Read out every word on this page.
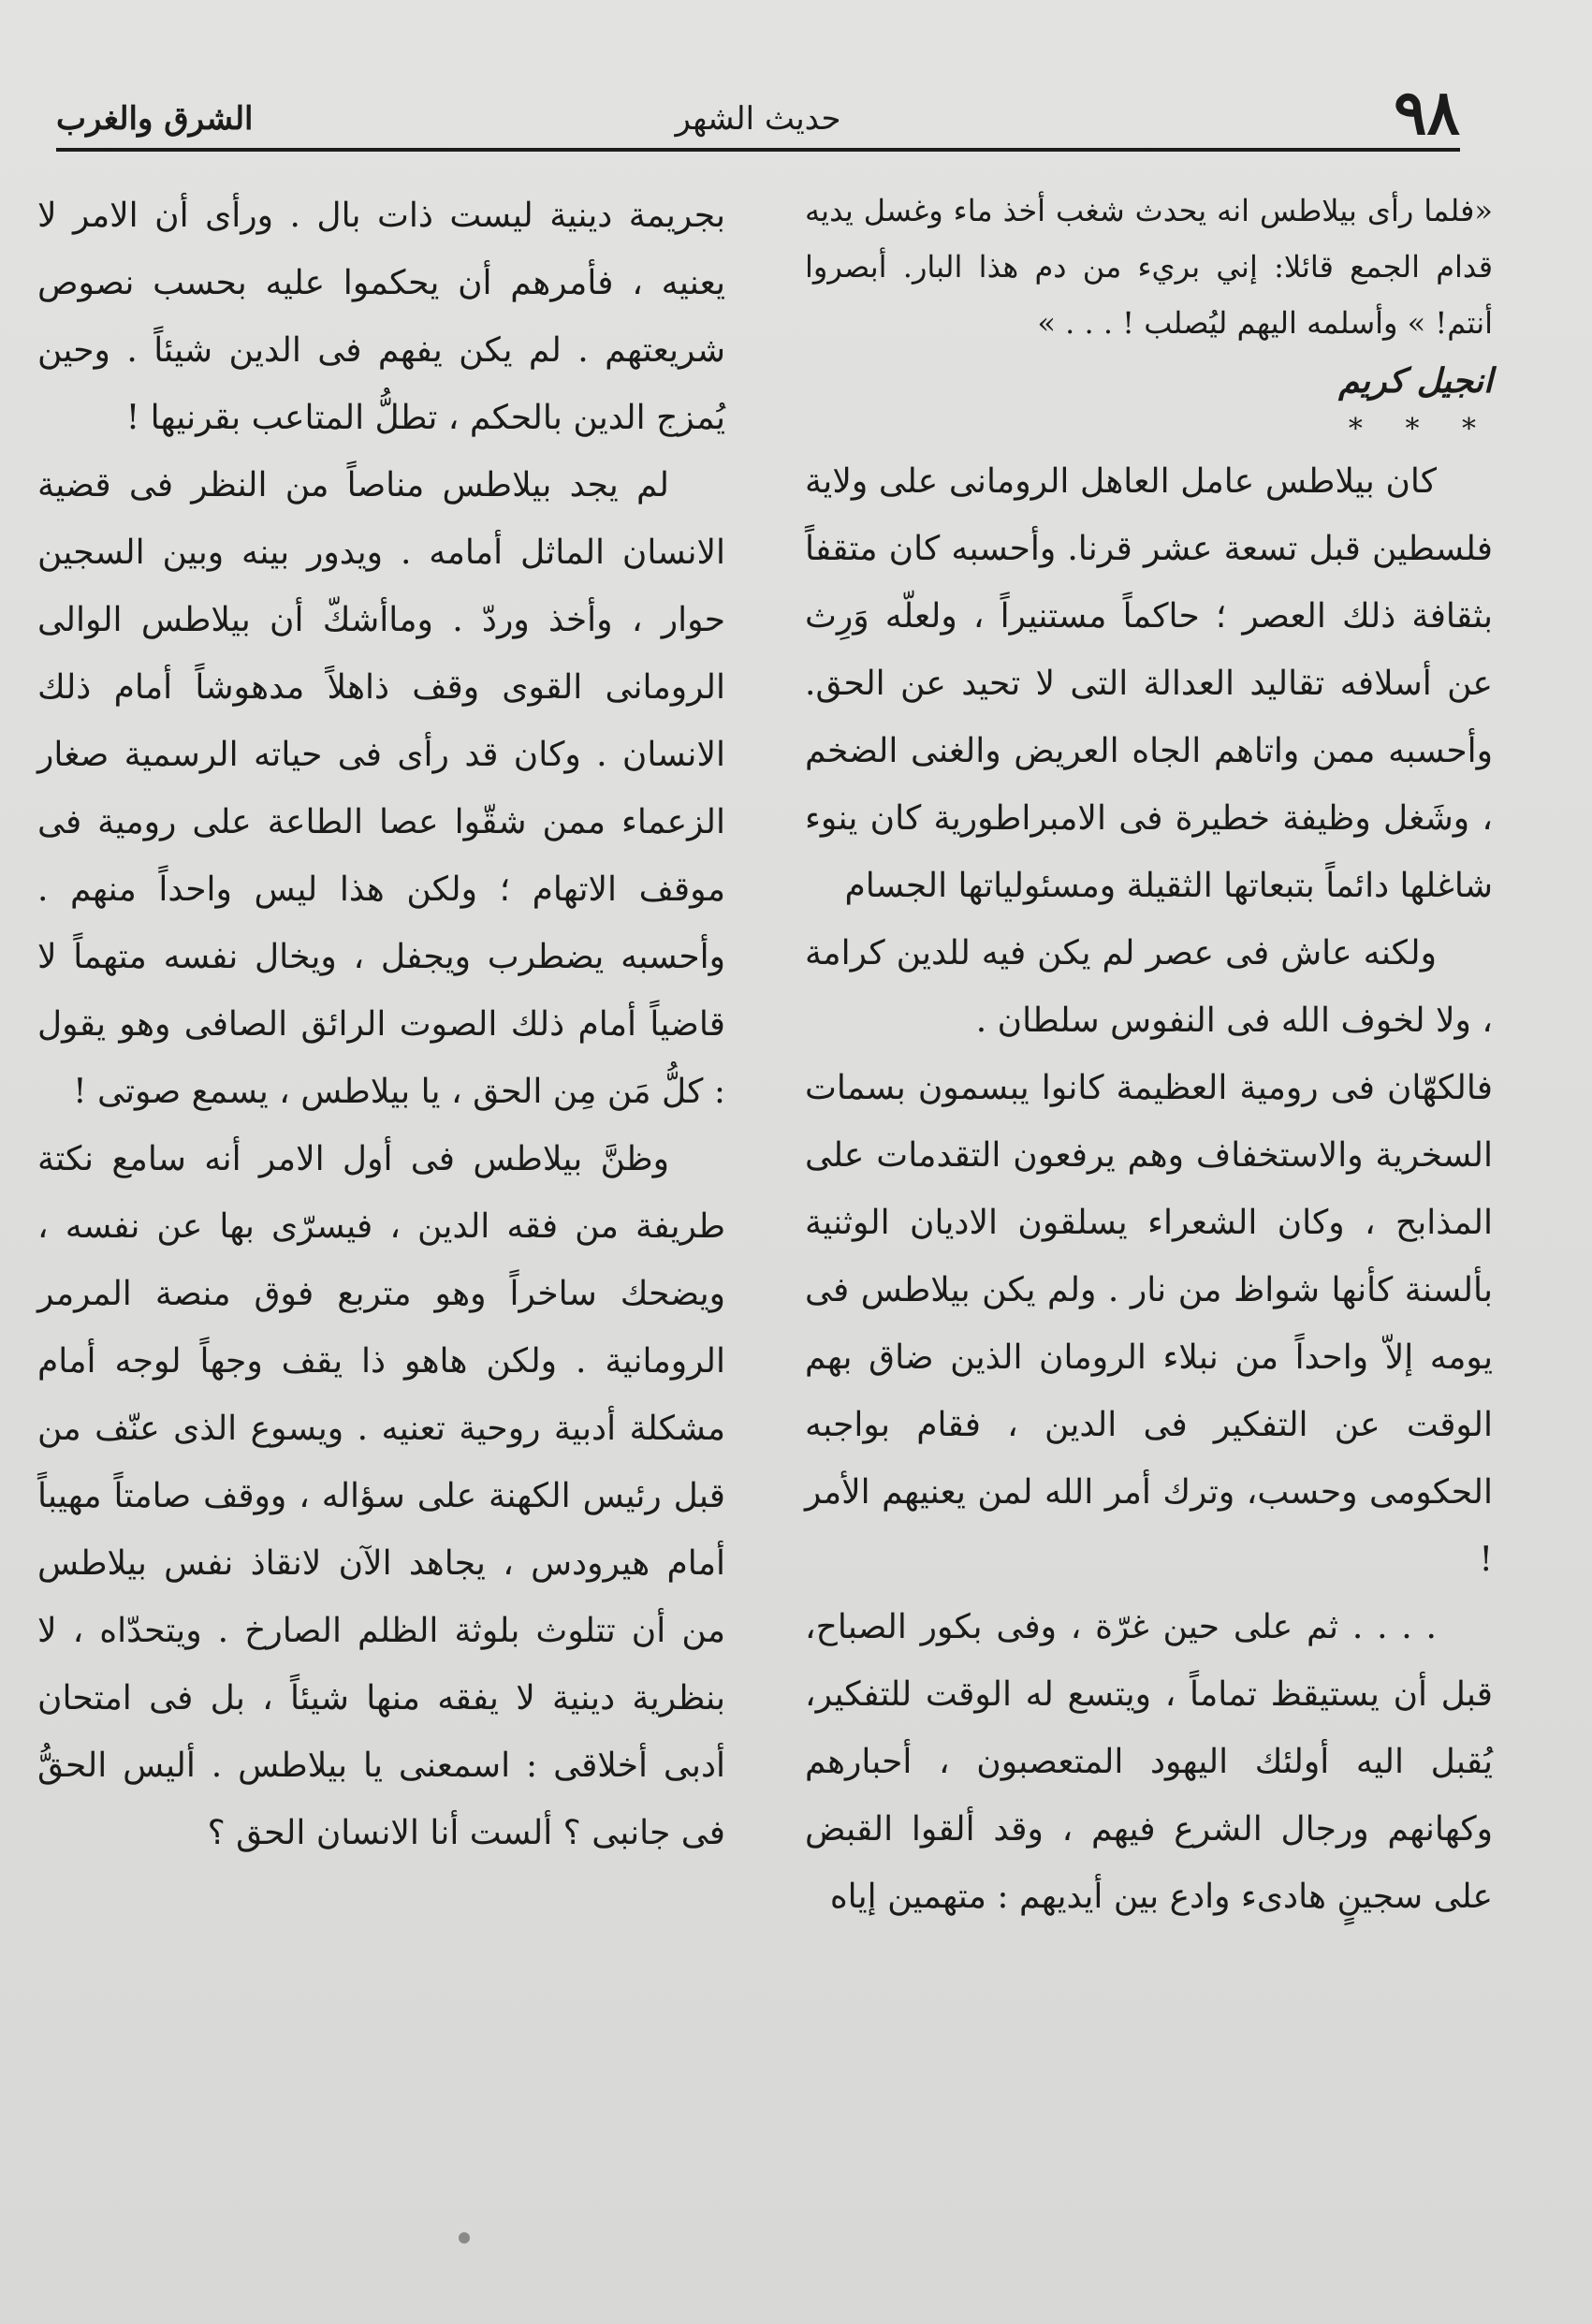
٩٨
حديث الشهر
الشرق والغرب

«فلما رأى بيلاطس انه يحدث شغب أخذ ماء وغسل يديه قدام الجمع قائلا: إني بريء من دم هذا البار. أبصروا أنتم! » وأسلمه اليهم ليُصلب ! . . . »

انجيل كريم

* * *

كان بيلاطس عامل العاهل الرومانى على ولاية فلسطين قبل تسعة عشر قرنا. وأحسبه كان متقفاً بثقافة ذلك العصر ؛ حاكماً مستنيراً ، ولعلّه وَرِث عن أسلافه تقاليد العدالة التى لا تحيد عن الحق. وأحسبه ممن واتاهم الجاه العريض والغنى الضخم ، وشَغل وظيفة خطيرة فى الامبراطورية كان ينوء شاغلها دائماً بتبعاتها الثقيلة ومسئولياتها الجسام

ولكنه عاش فى عصر لم يكن فيه للدين كرامة ، ولا لخوف الله فى النفوس سلطان .

فالكهّان فى رومية العظيمة كانوا يبسمون بسمات السخرية والاستخفاف وهم يرفعون التقدمات على المذابح ، وكان الشعراء يسلقون الاديان الوثنية بألسنة كأنها شواظ من نار . ولم يكن بيلاطس فى يومه إلاّ واحداً من نبلاء الرومان الذين ضاق بهم الوقت عن التفكير فى الدين ، فقام بواجبه الحكومى وحسب، وترك أمر الله لمن يعنيهم الأمر !

. . . . ثم على حين غرّة ، وفى بكور الصباح، قبل أن يستيقظ تماماً ، ويتسع له الوقت للتفكير، يُقبل اليه أولئك اليهود المتعصبون ، أحبارهم وكهانهم ورجال الشرع فيهم ، وقد ألقوا القبض على سجينٍ هادىء وادع بين أيديهم : متهمين إياه

بجريمة دينية ليست ذات بال . ورأى أن الامر لا يعنيه ، فأمرهم أن يحكموا عليه بحسب نصوص شريعتهم . لم يكن يفهم فى الدين شيئاً . وحين يُمزج الدين بالحكم ، تطلُّ المتاعب بقرنيها !

لم يجد بيلاطس مناصاً من النظر فى قضية الانسان الماثل أمامه . ويدور بينه وبين السجين حوار ، وأخذ وردّ . وماأشكّ أن بيلاطس الوالى الرومانى القوى وقف ذاهلاً مدهوشاً أمام ذلك الانسان . وكان قد رأى فى حياته الرسمية صغار الزعماء ممن شقّوا عصا الطاعة على رومية فى موقف الاتهام ؛ ولكن هذا ليس واحداً منهم . وأحسبه يضطرب ويجفل ، ويخال نفسه متهماً لا قاضياً أمام ذلك الصوت الرائق الصافى وهو يقول : كلُّ مَن مِن الحق ، يا بيلاطس ، يسمع صوتى !

وظنَّ بيلاطس فى أول الامر أنه سامع نكتة طريفة من فقه الدين ، فيسرّى بها عن نفسه ، ويضحك ساخراً وهو متربع فوق منصة المرمر الرومانية . ولكن هاهو ذا يقف وجهاً لوجه أمام مشكلة أدبية روحية تعنيه . ويسوع الذى عنّف من قبل رئيس الكهنة على سؤاله ، ووقف صامتاً مهيباً أمام هيرودس ، يجاهد الآن لانقاذ نفس بيلاطس من أن تتلوث بلوثة الظلم الصارخ . ويتحدّاه ، لا بنظرية دينية لا يفقه منها شيئاً ، بل فى امتحان أدبى أخلاقى : اسمعنى يا بيلاطس . أليس الحقُّ فى جانبى ؟ ألست أنا الانسان الحق ؟
